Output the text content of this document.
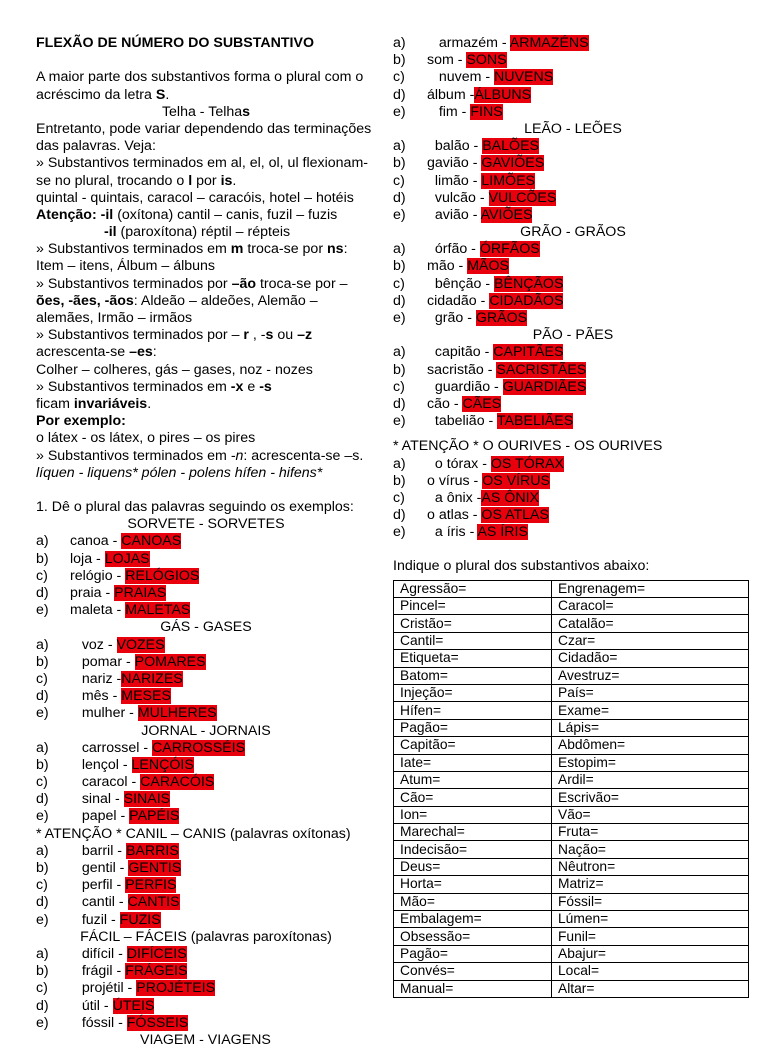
FLEXÃO DE NÚMERO DO SUBSTANTIVO
A maior parte dos substantivos forma o plural com o
acréscimo da letra S.
Telha - Telhas
Entretanto, pode variar dependendo das terminações
das palavras. Veja:
» Substantivos terminados em al, el, ol, ul flexionam-
se no plural, trocando o l por is.
quintal - quintais, caracol – caracóis, hotel – hotéis
Atenção: -il (oxítona) cantil – canis, fuzil – fuzis
-il (paroxítona) réptil – répteis
» Substantivos terminados em m troca-se por ns:
Item – itens, Álbum – álbuns
» Substantivos terminados por –ão troca-se por –
ões, -ães, -ãos: Aldeão – aldeões, Alemão –
alemães, Irmão – irmãos
» Substantivos terminados por – r , -s ou –z
acrescenta-se –es:
Colher – colheres, gás – gases, noz - nozes
» Substantivos terminados em -x e -s
ficam invariáveis.
Por exemplo:
o látex - os látex, o pires – os pires
» Substantivos terminados em -n: acrescenta-se –s.
líquen - liquens* pólen - polens hífen - hifens*
1. Dê o plural das palavras seguindo os exemplos:
SORVETE - SORVETES
a) canoa - CANOAS
b) loja - LOJAS
c) relógio - RELÓGIOS
d) praia - PRAIAS
e) maleta - MALETAS
GÁS - GASES
a)   voz - VOZES
b)   pomar - POMARES
c)   nariz -NARIZES
d)   mês - MESES
e)   mulher - MULHERES
JORNAL - JORNAIS
a)   carrossel - CARROSSÉIS
b)   lençol - LENÇÓIS
c)   caracol - CARACÓIS
d)   sinal - SINAIS
e)   papel - PAPÉIS
* ATENÇÃO * CANIL – CANIS (palavras oxítonas)
a)   barril - BARRIS
b)   gentil - GENTIS
c)   perfil - PERFIS
d)   cantil - CANTIS
e)   fuzil - FUZIS
FÁCIL – FÁCEIS (palavras paroxítonas)
a)   difícil - DIFÍCEIS
b)   frágil - FRÁGEIS
c)   projétil - PROJÉTEIS
d)   útil - ÚTEIS
e)   fóssil - FÓSSEIS
VIAGEM - VIAGENS
a)   armazém - ARMAZÉNS
b) som - SONS
c)   nuvem - NUVENS
d) álbum -ÁLBUNS
e)   fim - FINS
LEÃO - LEÕES
a)  balão - BALÕES
b) gavião - GAVIÕES
c)  limão - LIMÕES
d)  vulcão - VULCÕES
e)  avião - AVIÕES
GRÃO - GRÃOS
a)  órfão - ÓRFÃOS
b) mão - MÃOS
c)  bênção - BÊNÇÃOS
d) cidadão - CIDADÃOS
e)  grão - GRÃOS
PÃO - PÃES
a)  capitão - CAPITÃES
b) sacristão - SACRISTÃES
c)  guardião - GUARDIÃES
d) cão - CÃES
e)  tabelião - TABELIÃES
* ATENÇÃO * O OURIVES - OS OURIVES
a)  o tórax - OS TÓRAX
b) o vírus - OS VÍRUS
c)  a ônix -AS ÔNIX
d) o atlas - OS ATLAS
e)  a íris - AS ÍRIS
Indique o plural dos substantivos abaixo:
Agressão=	Engrenagem=
Pincel=	Caracol=
Cristão=	Catalão=
Cantil=	Czar=
Etiqueta=	Cidadão=
Batom=	Avestruz=
Injeção=	País=
Hífen=	Exame=
Pagão=	Lápis=
Capitão=	Abdômen=
Iate=	Estopim=
Atum=	Ardil=
Cão=	Escrivão=
Ion=	Vão=
Marechal=	Fruta=
Indecisão=	Nação=
Deus=	Nêutron=
Horta=	Matriz=
Mão=	Fóssil=
Embalagem=	Lúmen=
Obsessão=	Funil=
Pagão=	Abajur=
Convés=	Local=
Manual=	Altar=
